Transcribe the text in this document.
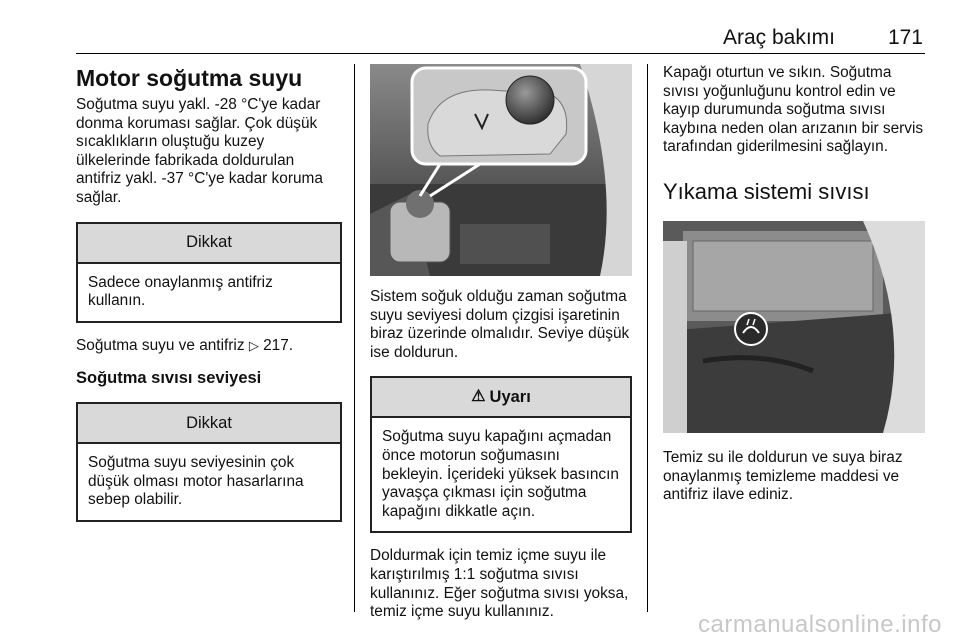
Araç bakımı	171
Motor soğutma suyu

Soğutma suyu yakl. -28 °C'ye kadar donma koruması sağlar. Çok düşük sıcaklıkların oluştuğu kuzey ülkelerinde fabrikada doldurulan antifriz yakl. -37 °C'ye kadar koruma sağlar.

Dikkat
Sadece onaylanmış antifriz kullanın.

Soğutma suyu ve antifriz ▷ 217.

Soğutma sıvısı seviyesi
Dikkat
Soğutma suyu seviyesinin çok düşük olması motor hasarlarına sebep olabilir.

Sistem soğuk olduğu zaman soğutma suyu seviyesi dolum çizgisi işaretinin biraz üzerinde olmalıdır. Seviye düşük ise doldurun.

⚠ Uyarı
Soğutma suyu kapağını açmadan önce motorun soğumasını bekleyin. İçerideki yüksek basıncın yavaşça çıkması için soğutma kapağını dikkatle açın.

Doldurmak için temiz içme suyu ile karıştırılmış 1:1 soğutma sıvısı kullanınız. Eğer soğutma sıvısı yoksa, temiz içme suyu kullanınız.

Kapağı oturtun ve sıkın. Soğutma sıvısı yoğunluğunu kontrol edin ve kayıp durumunda soğutma sıvısı kaybına neden olan arızanın bir servis tarafından giderilmesini sağlayın.

Yıkama sistemi sıvısı

Temiz su ile doldurun ve suya biraz onaylanmış temizleme maddesi ve antifriz ilave ediniz.

carmanualsonline.info
